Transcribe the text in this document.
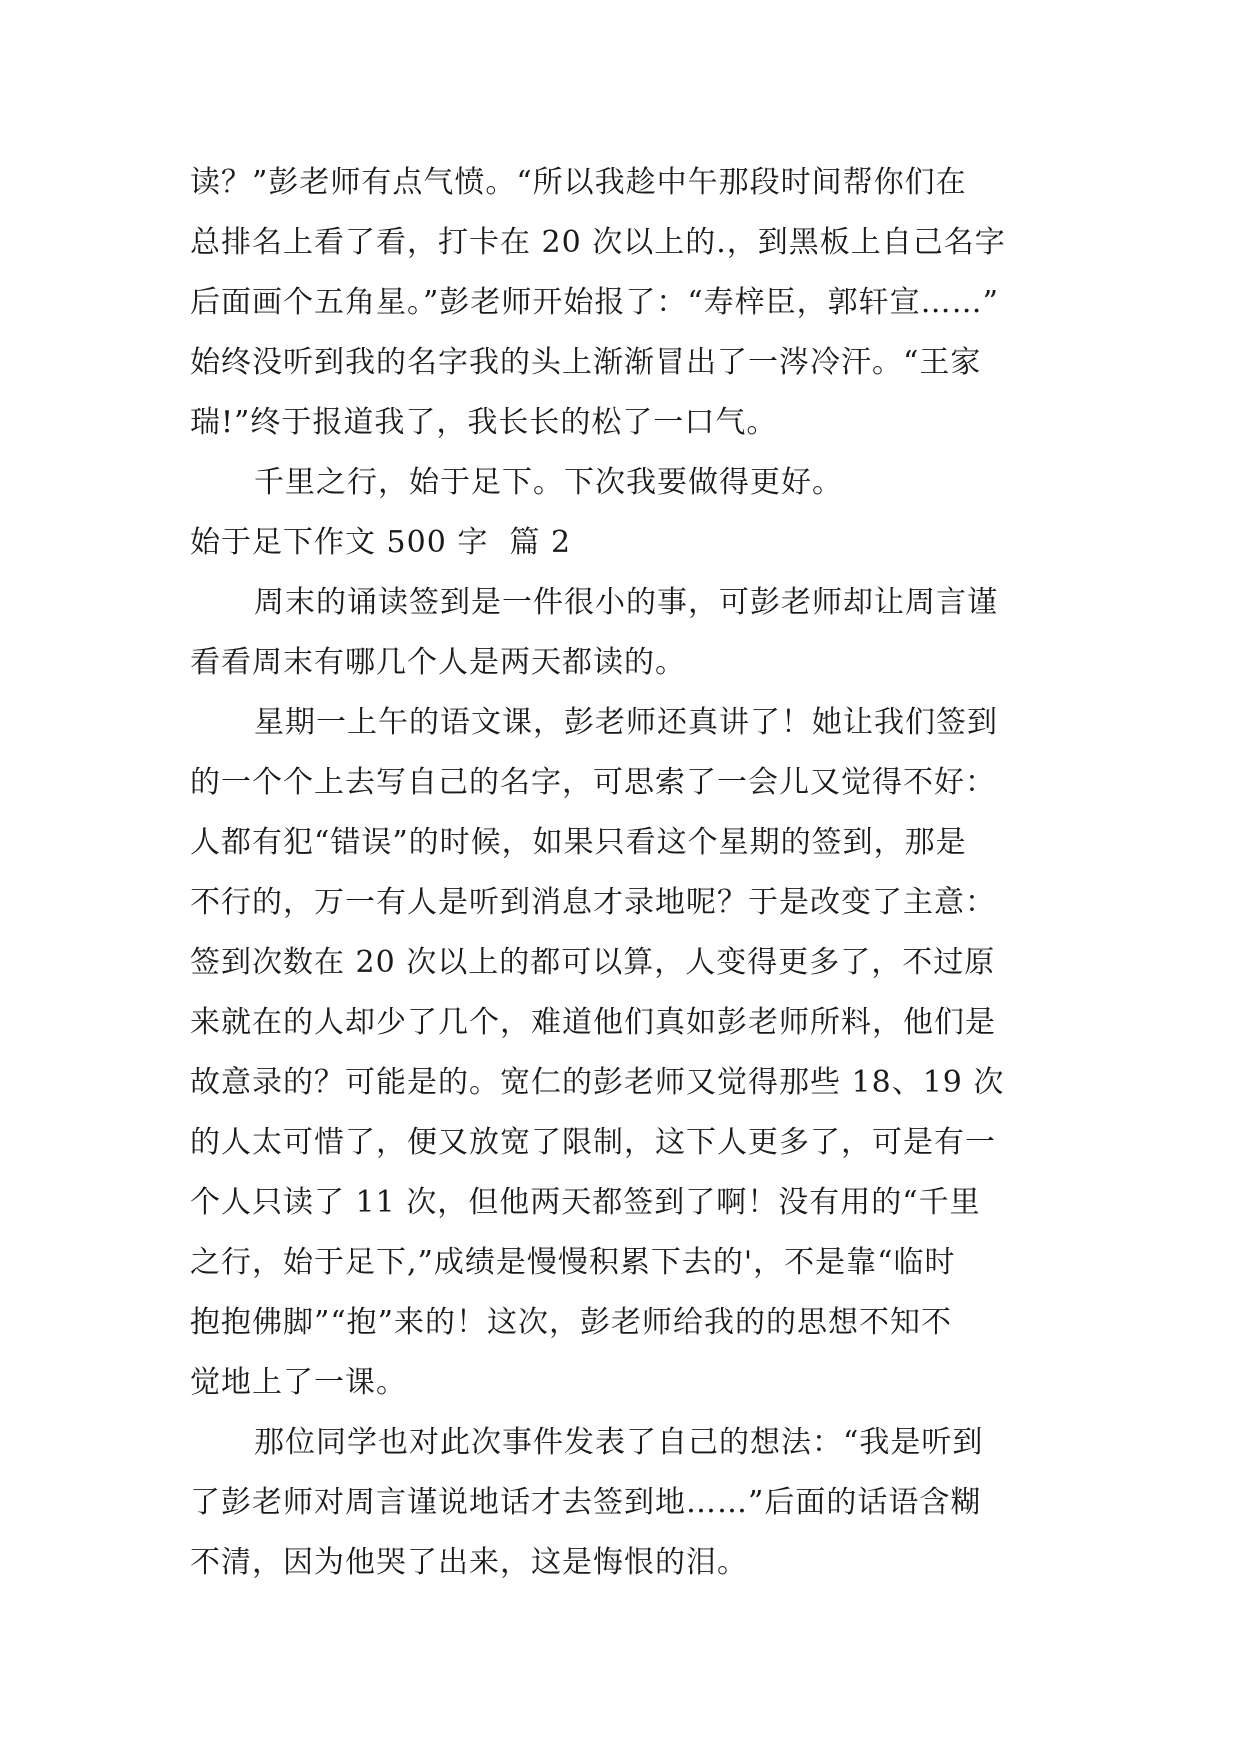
读？”彭老师有点气愤。“所以我趁中午那段时间帮你们在
总排名上看了看，打卡在 20 次以上的.，到黑板上自己名字
后面画个五角星。”彭老师开始报了：“寿梓臣，郭轩宣……”
始终没听到我的名字我的头上渐渐冒出了一涔冷汗。“王家
瑞!”终于报道我了，我长长的松了一口气。
千里之行，始于足下。下次我要做得更好。
始于足下作文 500 字  篇 2
周末的诵读签到是一件很小的事，可彭老师却让周言谨
看看周末有哪几个人是两天都读的。
星期一上午的语文课，彭老师还真讲了！她让我们签到
的一个个上去写自己的名字，可思索了一会儿又觉得不好：
人都有犯“错误”的时候，如果只看这个星期的签到，那是
不行的，万一有人是听到消息才录地呢？于是改变了主意：
签到次数在 20 次以上的都可以算，人变得更多了，不过原
来就在的人却少了几个，难道他们真如彭老师所料，他们是
故意录的？可能是的。宽仁的彭老师又觉得那些 18、19 次
的人太可惜了，便又放宽了限制，这下人更多了，可是有一
个人只读了 11 次，但他两天都签到了啊！没有用的“千里
之行，始于足下,”成绩是慢慢积累下去的'，不是靠“临时
抱抱佛脚”“抱”来的！这次，彭老师给我的的思想不知不
觉地上了一课。
那位同学也对此次事件发表了自己的想法：“我是听到
了彭老师对周言谨说地话才去签到地……”后面的话语含糊
不清，因为他哭了出来，这是悔恨的泪。
